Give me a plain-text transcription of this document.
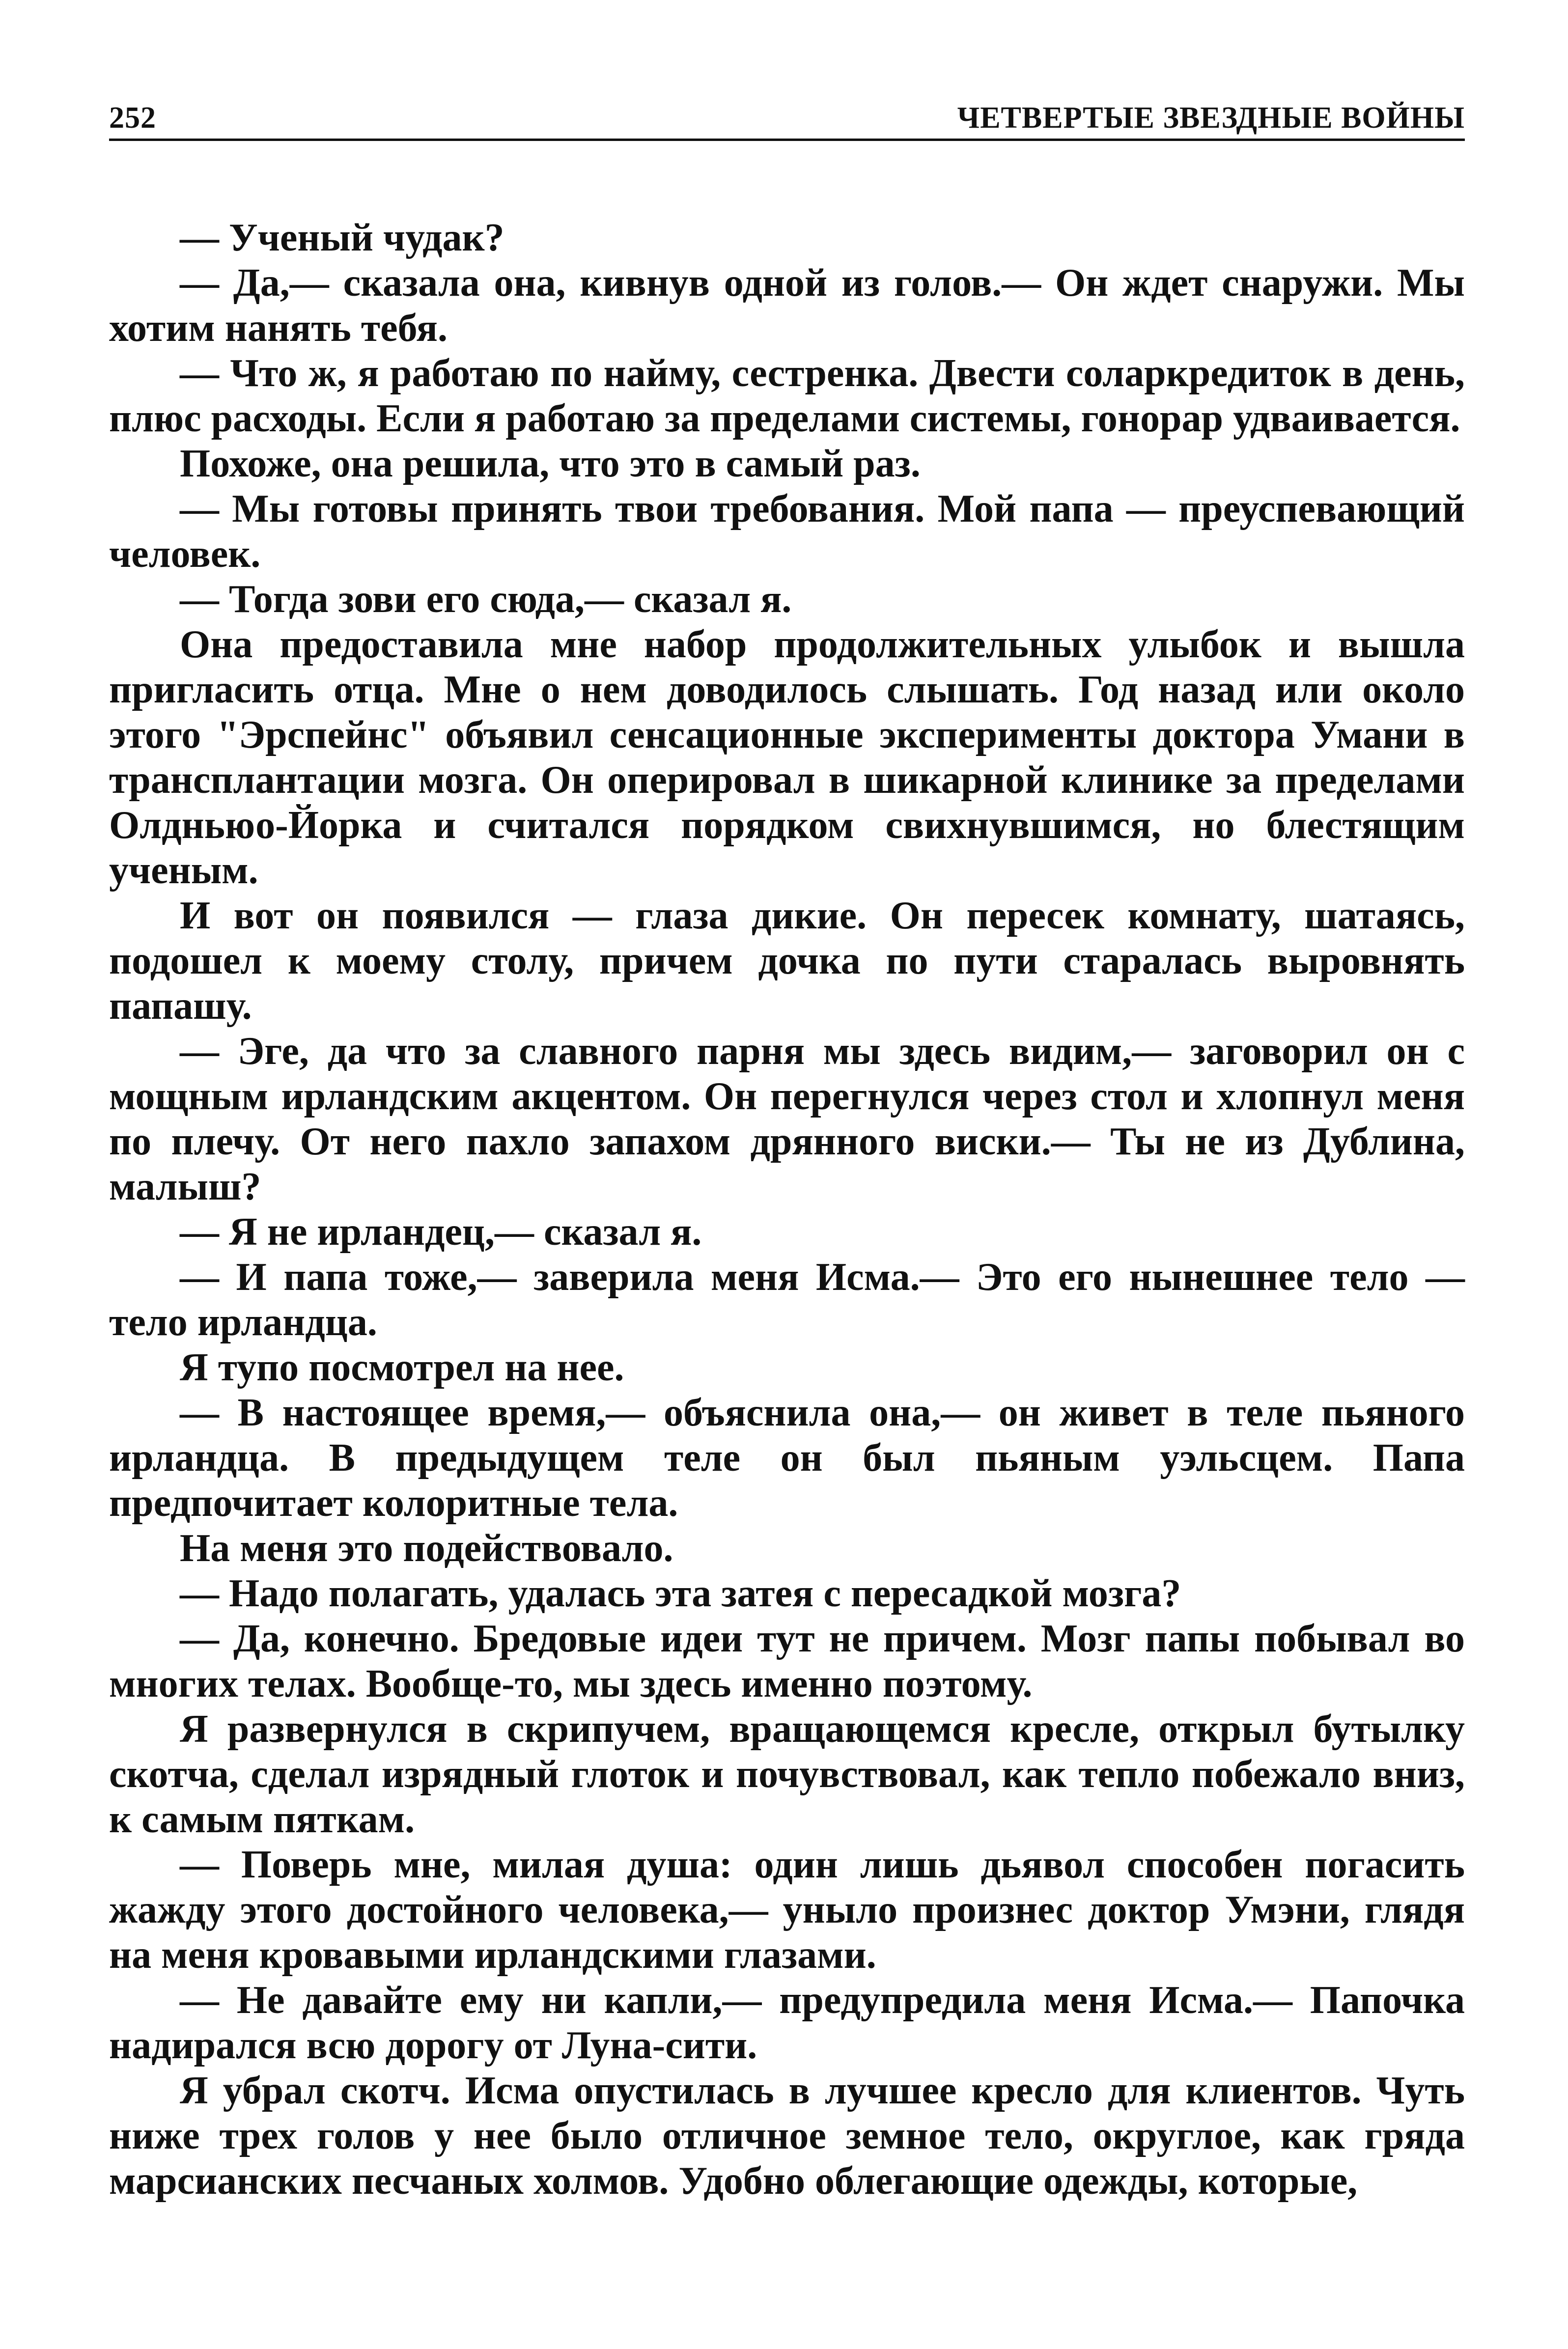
252	ЧЕТВЕРТЫЕ ЗВЕЗДНЫЕ ВОЙНЫ

— Ученый чудак?

— Да,— сказала она, кивнув одной из голов.— Он ждет снаружи. Мы хотим нанять тебя.

— Что ж, я работаю по найму, сестренка. Двести соларкредиток в день, плюс расходы. Если я работаю за пределами системы, гонорар удваивается.

Похоже, она решила, что это в самый раз.

— Мы готовы принять твои требования. Мой папа — преуспевающий человек.

— Тогда зови его сюда,— сказал я.

Она предоставила мне набор продолжительных улыбок и вышла пригласить отца. Мне о нем доводилось слышать. Год назад или около этого "Эрспейнс" объявил сенсационные эксперименты доктора Умани в трансплантации мозга. Он оперировал в шикарной клинике за пределами Олдньюо-Йорка и считался порядком свихнувшимся, но блестящим ученым.

И вот он появился — глаза дикие. Он пересек комнату, шатаясь, подошел к моему столу, причем дочка по пути старалась выровнять папашу.

— Эге, да что за славного парня мы здесь видим,— заговорил он с мощным ирландским акцентом. Он перегнулся через стол и хлопнул меня по плечу. От него пахло запахом дрянного виски.— Ты не из Дублина, малыш?

— Я не ирландец,— сказал я.

— И папа тоже,— заверила меня Исма.— Это его нынешнее тело — тело ирландца.

Я тупо посмотрел на нее.

— В настоящее время,— объяснила она,— он живет в теле пьяного ирландца. В предыдущем теле он был пьяным уэльсцем. Папа предпочитает колоритные тела.

На меня это подействовало.

— Надо полагать, удалась эта затея с пересадкой мозга?

— Да, конечно. Бредовые идеи тут не причем. Мозг папы побывал во многих телах. Вообще-то, мы здесь именно поэтому.

Я развернулся в скрипучем, вращающемся кресле, открыл бутылку скотча, сделал изрядный глоток и почувствовал, как тепло побежало вниз, к самым пяткам.

— Поверь мне, милая душа: один лишь дьявол способен погасить жажду этого достойного человека,— уныло произнес доктор Умэни, глядя на меня кровавыми ирландскими глазами.

— Не давайте ему ни капли,— предупредила меня Исма.— Папочка надирался всю дорогу от Луна-сити.

Я убрал скотч. Исма опустилась в лучшее кресло для клиентов. Чуть ниже трех голов у нее было отличное земное тело, округлое, как гряда марсианских песчаных холмов. Удобно облегающие одежды, которые,
